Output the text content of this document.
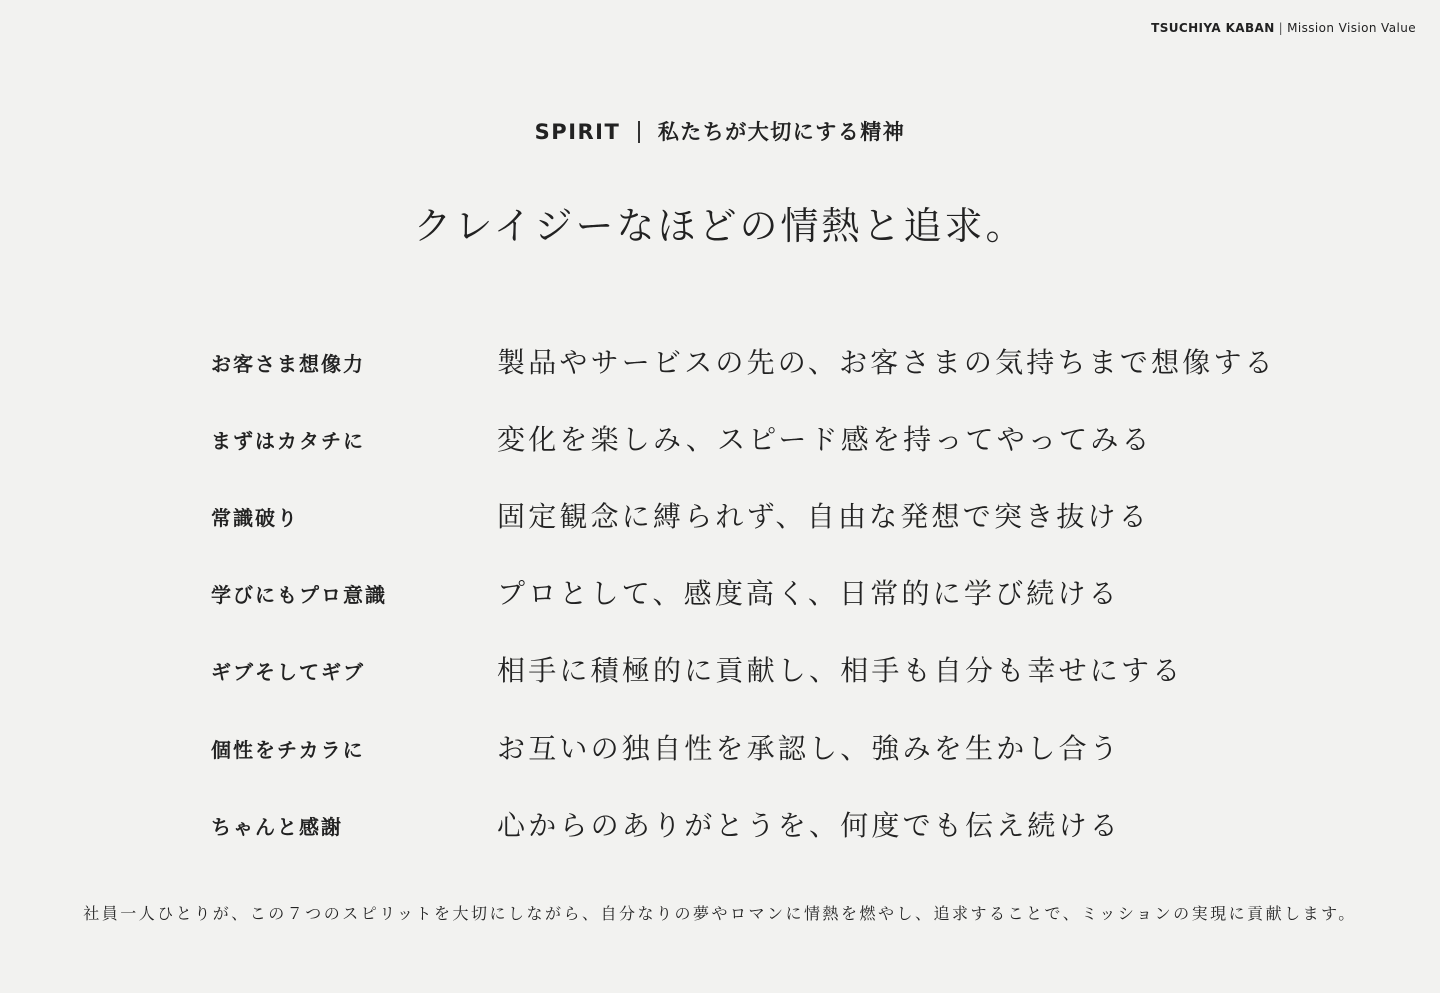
TSUCHIYA KABAN | Mission Vision Value
SPIRIT 私たちが大切にする精神
クレイジーなほどの情熱と追求。
お客さま想像力	製品やサービスの先の、お客さまの気持ちまで想像する
まずはカタチに	変化を楽しみ、スピード感を持ってやってみる
常識破り	固定観念に縛られず、自由な発想で突き抜ける
学びにもプロ意識	プロとして、感度高く、日常的に学び続ける
ギブそしてギブ	相手に積極的に貢献し、相手も自分も幸せにする
個性をチカラに	お互いの独自性を承認し、強みを生かし合う
ちゃんと感謝	心からのありがとうを、何度でも伝え続ける
社員一人ひとりが、この７つのスピリットを大切にしながら、自分なりの夢やロマンに情熱を燃やし、追求することで、ミッションの実現に貢献します。
